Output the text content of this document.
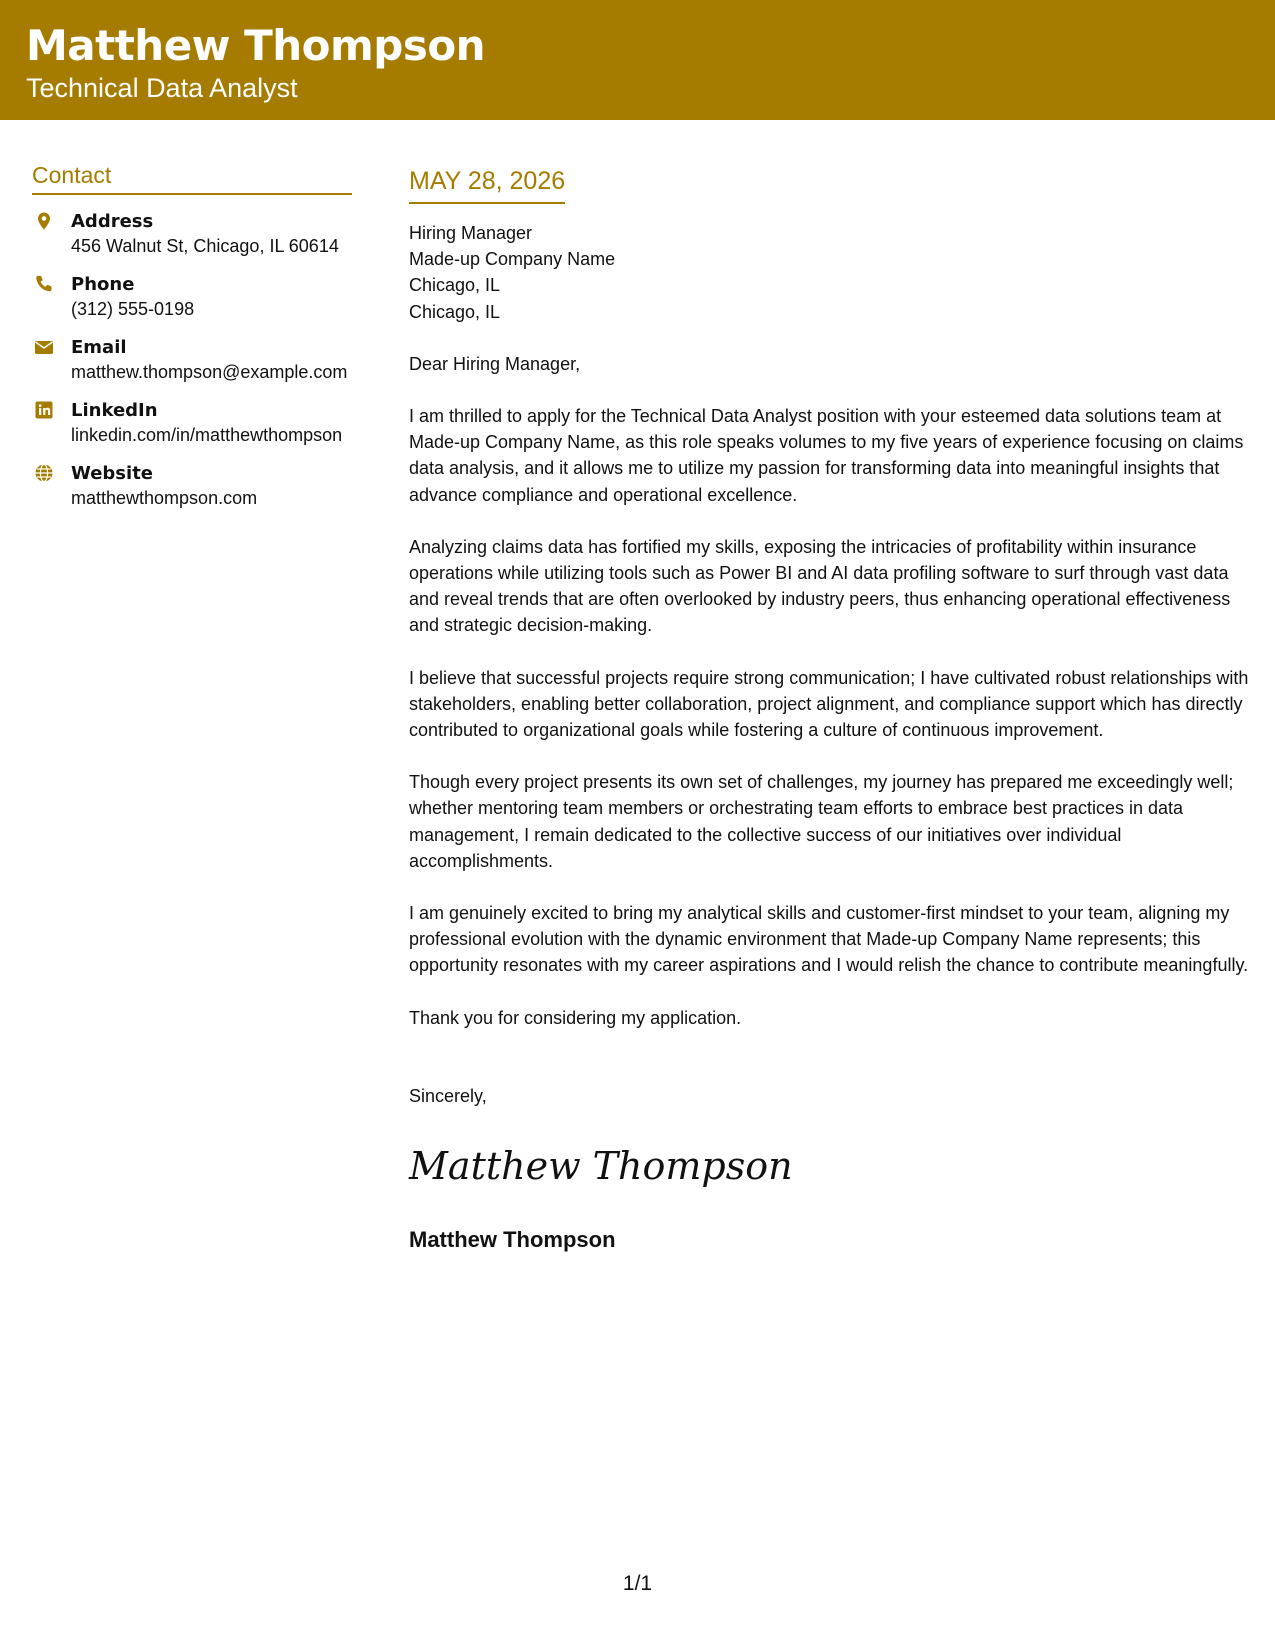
Matthew Thompson
Technical Data Analyst
Contact
Address
456 Walnut St, Chicago, IL 60614
Phone
(312) 555-0198
Email
matthew.thompson@example.com
LinkedIn
linkedin.com/in/matthewthompson
Website
matthewthompson.com
MAY 28, 2026
Hiring Manager
Made-up Company Name
Chicago, IL
Chicago, IL
Dear Hiring Manager,
I am thrilled to apply for the Technical Data Analyst position with your esteemed data solutions team at Made-up Company Name, as this role speaks volumes to my five years of experience focusing on claims data analysis, and it allows me to utilize my passion for transforming data into meaningful insights that advance compliance and operational excellence.
Analyzing claims data has fortified my skills, exposing the intricacies of profitability within insurance operations while utilizing tools such as Power BI and AI data profiling software to surf through vast data and reveal trends that are often overlooked by industry peers, thus enhancing operational effectiveness and strategic decision-making.
I believe that successful projects require strong communication; I have cultivated robust relationships with stakeholders, enabling better collaboration, project alignment, and compliance support which has directly contributed to organizational goals while fostering a culture of continuous improvement.
Though every project presents its own set of challenges, my journey has prepared me exceedingly well; whether mentoring team members or orchestrating team efforts to embrace best practices in data management, I remain dedicated to the collective success of our initiatives over individual accomplishments.
I am genuinely excited to bring my analytical skills and customer-first mindset to your team, aligning my professional evolution with the dynamic environment that Made-up Company Name represents; this opportunity resonates with my career aspirations and I would relish the chance to contribute meaningfully.
Thank you for considering my application.
Sincerely,
Matthew Thompson
Matthew Thompson
1/1
